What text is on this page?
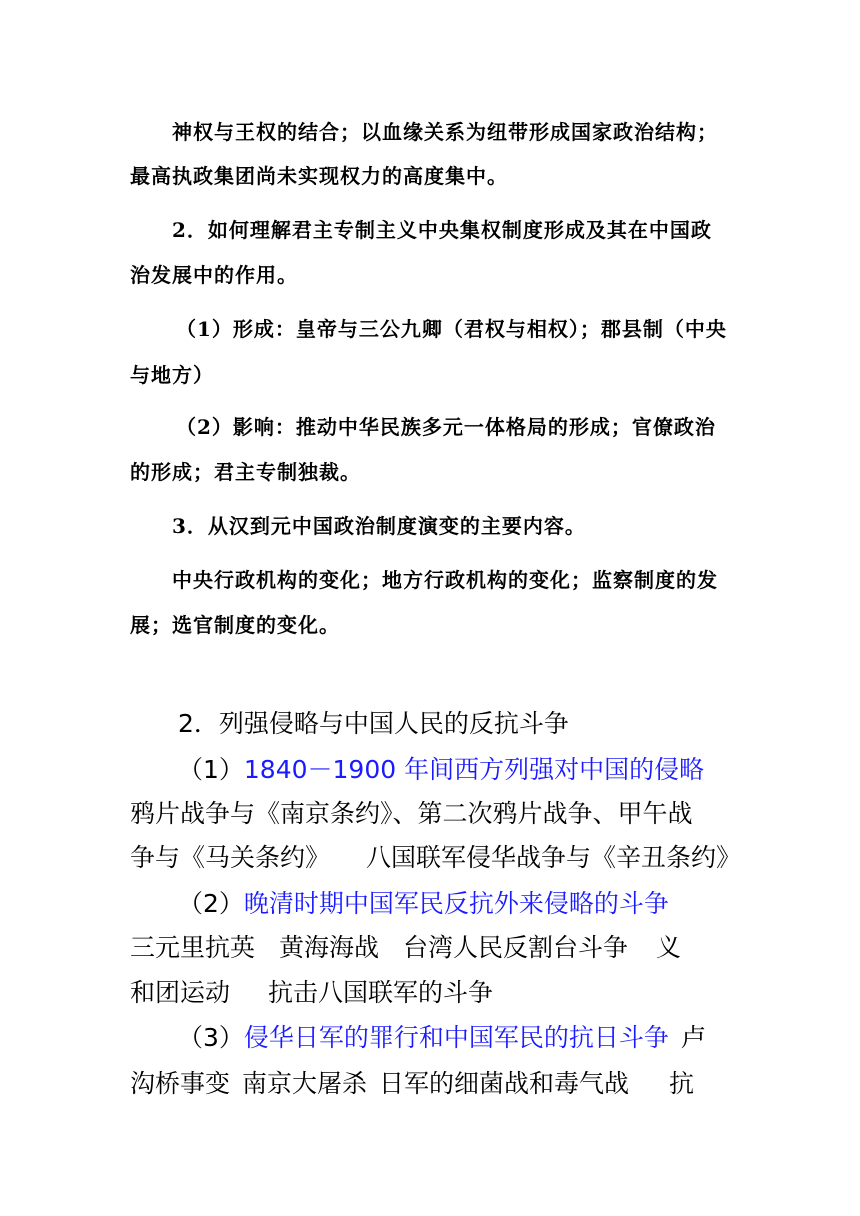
神权与王权的结合；以血缘关系为纽带形成国家政治结构；
最高执政集团尚未实现权力的高度集中。
2．如何理解君主专制主义中央集权制度形成及其在中国政
治发展中的作用。
（1）形成：皇帝与三公九卿（君权与相权）；郡县制（中央
与地方）
（2）影响：推动中华民族多元一体格局的形成；官僚政治
的形成；君主专制独裁。
3．从汉到元中国政治制度演变的主要内容。
中央行政机构的变化；地方行政机构的变化；监察制度的发
展；选官制度的变化。
2．列强侵略与中国人民的反抗斗争
（1）1840－1900 年间西方列强对中国的侵略
鸦片战争与《南京条约》、第二次鸦片战争、甲午战
争与《马关条约》 八国联军侵华战争与《辛丑条约》
（2）晚清时期中国军民反抗外来侵略的斗争
三元里抗英 黄海海战 台湾人民反割台斗争 义
和团运动 抗击八国联军的斗争
（3）侵华日军的罪行和中国军民的抗日斗争 卢
沟桥事变 南京大屠杀 日军的细菌战和毒气战 抗
